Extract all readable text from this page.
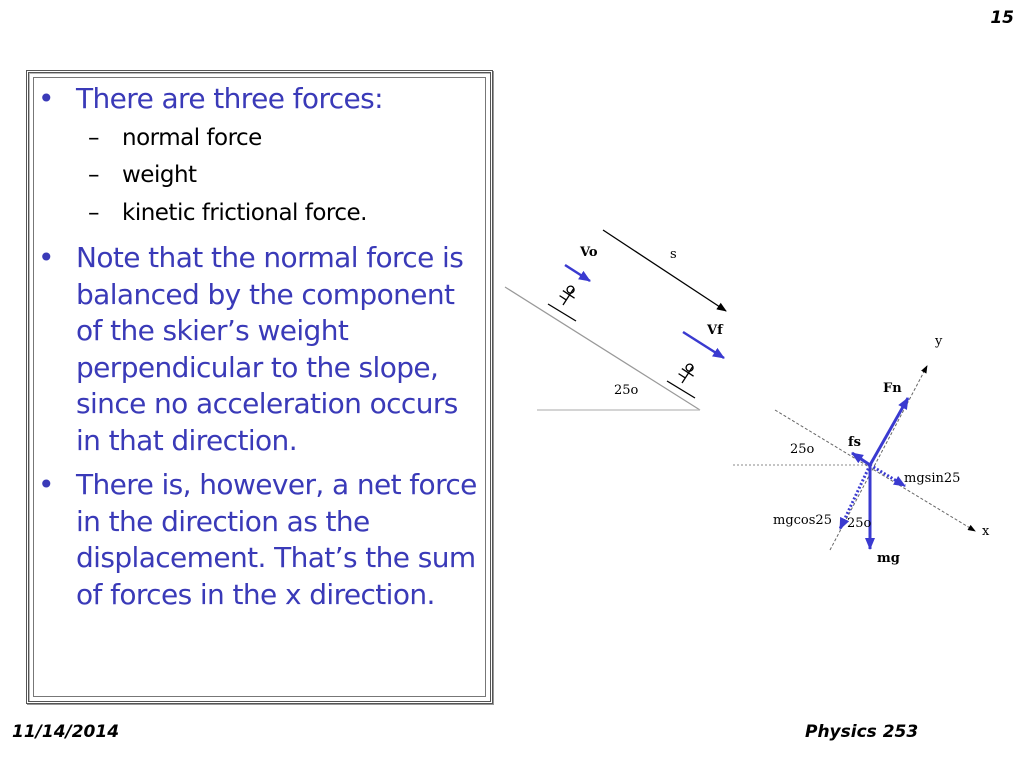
15
• There are three forces:
– normal force
– weight
– kinetic frictional force.
• Note that the normal force is balanced by the component of the skier’s weight perpendicular to the slope, since no acceleration occurs in that direction.
• There is, however, a net force in the direction as the displacement. That’s the sum of forces in the x direction.
25o
s
Vo
Vf
x
y
Fn
fs
mg
mgsin25
mgcos25
25o
25o
11/14/2014	Physics 253
